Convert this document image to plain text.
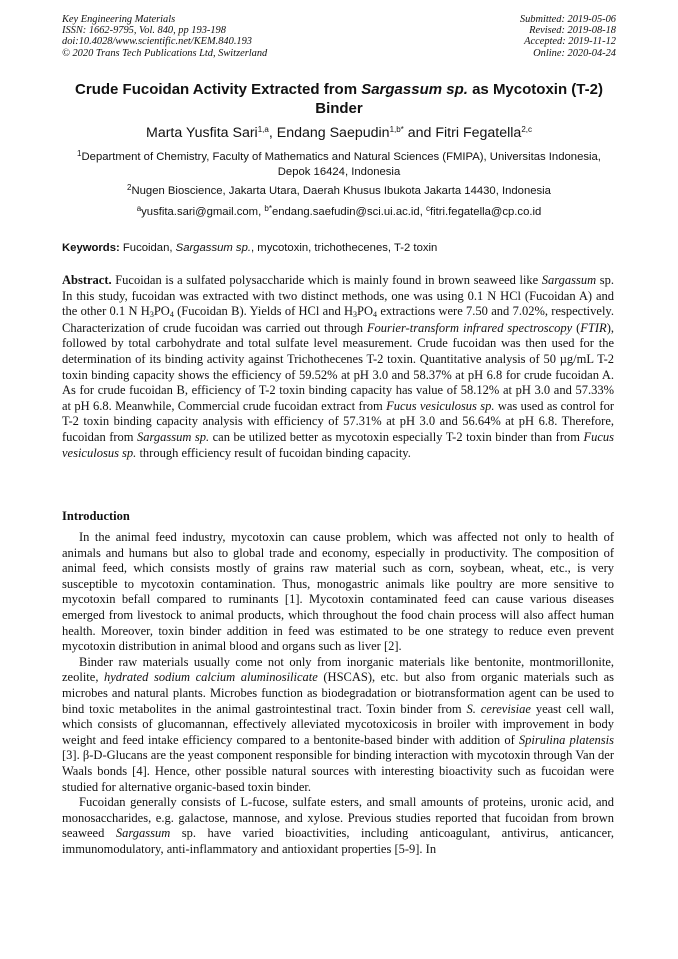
Key Engineering Materials
ISSN: 1662-9795, Vol. 840, pp 193-198
doi:10.4028/www.scientific.net/KEM.840.193
© 2020 Trans Tech Publications Ltd, Switzerland
Submitted: 2019-05-06
Revised: 2019-08-18
Accepted: 2019-11-12
Online: 2020-04-24
Crude Fucoidan Activity Extracted from Sargassum sp. as Mycotoxin (T-2) Binder
Marta Yusfita Sari$^{1,a}$, Endang Saepudin$^{1,b*}$ and Fitri Fegatella$^{2,c}$
$^1$Department of Chemistry, Faculty of Mathematics and Natural Sciences (FMIPA), Universitas Indonesia, Depok 16424, Indonesia
$^2$Nugen Bioscience, Jakarta Utara, Daerah Khusus Ibukota Jakarta 14430, Indonesia
$^a$yusfita.sari@gmail.com, $^{b*}$endang.saefudin@sci.ui.ac.id, $^c$fitri.fegatella@cp.co.id
Keywords: Fucoidan, Sargassum sp., mycotoxin, trichothecenes, T-2 toxin
Abstract. Fucoidan is a sulfated polysaccharide which is mainly found in brown seaweed like Sargassum sp. In this study, fucoidan was extracted with two distinct methods, one was using 0.1 N HCl (Fucoidan A) and the other 0.1 N $H_3PO_4$ (Fucoidan B). Yields of HCl and $H_3PO_4$ extractions were 7.50 and 7.02%, respectively. Characterization of crude fucoidan was carried out through Fourier-transform infrared spectroscopy (FTIR), followed by total carbohydrate and total sulfate level measurement. Crude fucoidan was then used for the determination of its binding activity against Trichothecenes T-2 toxin. Quantitative analysis of 50 µg/mL T-2 toxin binding capacity shows the efficiency of 59.52% at pH 3.0 and 58.37% at pH 6.8 for crude fucoidan A. As for crude fucoidan B, efficiency of T-2 toxin binding capacity has value of 58.12% at pH 3.0 and 57.33% at pH 6.8. Meanwhile, Commercial crude fucoidan extract from Fucus vesiculosus sp. was used as control for T-2 toxin binding capacity analysis with efficiency of 57.31% at pH 3.0 and 56.64% at pH 6.8. Therefore, fucoidan from Sargassum sp. can be utilized better as mycotoxin especially T-2 toxin binder than from Fucus vesiculosus sp. through efficiency result of fucoidan binding capacity.
Introduction

In the animal feed industry, mycotoxin can cause problem, which was affected not only to health of animals and humans but also to global trade and economy, especially in productivity. The composition of animal feed, which consists mostly of grains raw material such as corn, soybean, wheat, etc., is very susceptible to mycotoxin contamination. Thus, monogastric animals like poultry are more sensitive to mycotoxin befall compared to ruminants [1]. Mycotoxin contaminated feed can cause various diseases emerged from livestock to animal products, which throughout the food chain process will also affect human health. Moreover, toxin binder addition in feed was estimated to be one strategy to reduce even prevent mycotoxin distribution in animal blood and organs such as liver [2].

Binder raw materials usually come not only from inorganic materials like bentonite, montmorillonite, zeolite, hydrated sodium calcium aluminosilicate (HSCAS), etc. but also from organic materials such as microbes and natural plants. Microbes function as biodegradation or biotransformation agent can be used to bind toxic metabolites in the animal gastrointestinal tract. Toxin binder from S. cerevisiae yeast cell wall, which consists of glucomannan, effectively alleviated mycotoxicosis in broiler with improvement in body weight and feed intake efficiency compared to a bentonite-based binder with addition of Spirulina platensis [3]. β-D-Glucans are the yeast component responsible for binding interaction with mycotoxin through Van der Waals bonds [4]. Hence, other possible natural sources with interesting bioactivity such as fucoidan were studied for alternative organic-based toxin binder.

Fucoidan generally consists of L-fucose, sulfate esters, and small amounts of proteins, uronic acid, and monosaccharides, e.g. galactose, mannose, and xylose. Previous studies reported that fucoidan from brown seaweed Sargassum sp. have varied bioactivities, including anticoagulant, antivirus, anticancer, immunomodulatory, anti-inflammatory and antioxidant properties [5-9]. In
